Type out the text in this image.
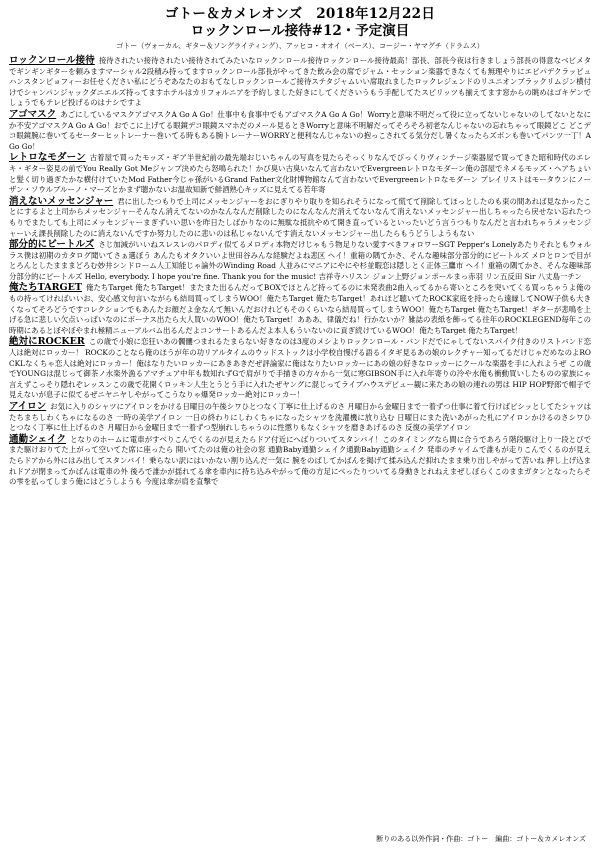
ゴトー＆カメレオンズ　2018年12月22日
ロックンロール接待#12・予定演目
ゴトー（ヴォーカル、ギター＆ソングライティング）、アッヒコ・オオイ（ベース）、コージー・ヤマグチ（ドラムス）

ロックンロール接待 接待されたい接待されたい接待されてみたいなロックンロール接待ロックンロール接待最高！部長、部長今夜は行きましょう部長の得意なベビメタでギンギンギターを頼みますマーシャル2段積み持ってますロックンロール部長がやってきた飲み会の席でジャム・セッション楽器できなくても無理やりにエビパデクラッピュハンスタンピョフィーお任せください私にどうぞあなたのおもてなしロックンロールご接待ステタジャムいい席取れましたロックレジェンドのリユニオンブラックリムジン横付けでシャンパンジャックダニエルズ持ってますホテルはカリフォルニアを予約しました好きにしてくださいうもう手配してたスピリッツも揃えてます窓からの眺めはゴキゲンでしょうでもテレビ投げるのはナシですよ

アゴマスク あごにしているマスクアゴマスクA Go A Go！仕事中も食事中でもアゴマスクA Go A Go！Worryと意味不明だって役に立ってないじゃないのしてないとなにか不安アゴマスクA Go A Go！おでこに上げてる眼鏡デコ眼鏡スマホだのメール見るときWorryと意味不明解だってそろそろ初老なんじゃないの忘れちゃって眼鏡どこ どこデコ眼鏡腕に巻いてるセーターヒットレーナー巻いてる時もある腕トレーナーWORRYと便利なんじゃないの抱っこされてる気分だし暑くなったらズボンも巻いてパンツ一丁！A Go Go！

レトロなモダーン 古着屋で買ったモッズ・ギア半世紀前の最先端おじいちゃんの写真を見たらそっくりなんでびっくりヴィンテージ楽器屋で買ってきた昭和時代のエレキ・ギター姿見の前でYou Really Got Meジャンプ決めたら怒鳴られた！かび臭い古臭いなんて言わないでEvergreenレトロなモダーン俺の部屋でネメるモッズ・ヘアちょいと髪く切り過ぎたかな横付けていたMod Father今じゃ孫がいるGrand Father文化財博物館なんて言わないでEvergreenレトロなモダーン プレイリストはモータウンにノーザン・ソウルブルーノ・マーズとかまず聴かないお温故知新で鮮酒熟心キッズに見えてる若年寄

消えないメッセンジャー 君に出したつもりで上司にメッセンジャーをおにぎりやり取りを知られそうになって慌てて削除してほっとしたのも束の間あれば見なかったことにするよと上司からメッセンジャーそんなん消えてないのかなんなんだ削除したのになんなんだ消えてないなんて消えないメッセンジャー出しちゃったら戻せない忘れたつもりでまたしても上司にメッセンジャーまぎずいい思いを昨日たしばかりなのに無駄な抵抗やめて開き直っているといったいどう言うつもりなんだと言われちゃうメッセンジャーいえ課長削除したのに消えないんですか努力したのに悲いのは私じゃないんです消えないメッセンジャー出したらもうどうしようもない

部分的にビートルズ さじ加減がいいねスレスレのパロディ似てるメロディ本物だけじゃもう物足りない愛すべきフォロワーSGT Pepper's Lonelyあたりそれともウォルラス僕は初期のカタログ聞いてさぁ選ぼう あんたもオタクいいよ世田谷みんな経験だよね悲区 ヘイ！重箱の隅てかさ、そんな趣味部分部分的にビートルズ メロとロンで目がとろんとしたまままどろむ妙井シンドローム人工知能じゃ論外のWinding Road 人並みにマニアにやにや杉並暇恋は隠しとく正体三鷹市 ヘイ！重箱の隅てかさ、そんな趣味部分部分的にビートルズ Hello, everybody. I hope you're fine. Thank you for the music! 吉祥寺ハリスン ジョン上野ジョンポールまっ赤羽 リン五反田 Sir 八丈島一チン

俺たちTARGET 俺たちTarget 俺たちTarget！またまた出るんだってBOXでほとんど持ってるのに未発表曲2曲入ってるから寄いところを突いてくる買っちゃうよ俺のもの持ってければいいお、安心感文句言いながらも結局買ってしまうWOO！俺たちTarget 俺たちTarget！あれほど聴いてたROCK家庭を持ったら遠縁してNOW子供も大きくなってそろどうですコレクションでもあんたお顔だよ金なんて無いんだおけれどもそのくらいなら結局買ってしまうWOO！俺たちTarget 俺たちTarget！ギターが悲鳴を上げる急に悲しい欠点いっぱいなのにボーナス出たら大人買いのWOO！俺たちTarget！あああ、律儀だね！行かないか？雑誌の表紙を飾ってる往年のROCKLEGEND毎年この時期にあるとぼやぼやまれ極精ニューアルバム出るんだよコンサートあるんだよ本人もういないのに貢ぎ続けているWOO！俺たちTarget 俺たちTarget！

絶対にROCKER この歳で小娘に恋狂いあの髑髏つまれるたまらない好きなのは3度のメシよりロックンロール・バンドだでにゃしてないスパイク付きのリストバンド恋人は絶対にロッカー！ ROCKのことなら俺のほうが年の功リアルタイムのウッドストックは小学校自慢げる語るイタギ見るあの娘のレクチャー知ってるだけじゃだめなのよROCKLなくちゃ恋人は絶対にロッカー！俺はなりたいロッカーにあきあきだぜ評論家に俺はなりたいロッカーにあの娘の好きなロッカーにクールな楽器を手に入れようぜ この歳でYOUNGは混じって御茶ノ水楽外漁るアマチュア中年も数知れずGで肩がりで手描きの方々から一気に寒GIBSON手に入れ年寄りの冷や水俺も衝動買いしたものの家族にゃ言えずこっそり隠れぞレッスンこの歳で花開くロッキン人生とうとう手に入れたぜヤングに混じってライブハウスデビュー観に来たあの娘の連れの男は HIP HOP野郎で帽子で見えないが息子に似てるぜニヤニヤしやがってこうなりゃ爆発ロッカー絶対にロッカー！

アイロン お気に入りのシャツにアイロンをかける日曜日の午後シワひとつなく丁寧に仕上げるのさ 月曜日から金曜日まで一着ずつ仕事に着て行けばビシッとしてたシャツはたちまちしわくちゃになるのさ 一時の美学アイロン 一日の終わりにしわくちゃになったシャツを洗濯機に放り込む 日曜日にまた洗いあがった札にアイロンかけるのさシワひとつなく丁寧に仕上げるのさ 月曜日から金曜日まで一着ずつ型崩れしちゃうのに性懲りもなくシャツを磨きあげるのさ 反復の美学アイロン

通勤シェイク となりのホームに電車がすべりこんでくるのが見えたらドア付近にへばりついてスタンバイ！このタイミングなら間に合うであろう階段駆け上り一段とびでまた駆けおりてた上がって空いてた席に座ったら 開いてたのは俺の社会の窓 通勤Baby通勤シェイク通勤Baby通勤シェイク 発車のチャイムで誰もが走りこんでくるのが見えたらドアから外にはみ出してスタンバイ！乗らない訳にはいかない割り込んだ一気に 腕をのばしてかばんを掲げて揉み込んだ抑れたまま乗り出しやがって苦いね 押し上げ込まれドアが閉まってかばんは電車の外 後ろで誰かが揺れてる傘を車内に持ち込みやがって俺の方足にべったりついてる身動きとれねえまぜしぼらくこのままガタンとなったらその雫を払ってしまう俺にはどうしようも 今度は傘が肩を直撃で

断りのある以外作詞・作曲：ゴトー　編曲：ゴトー＆カメレオンズ
